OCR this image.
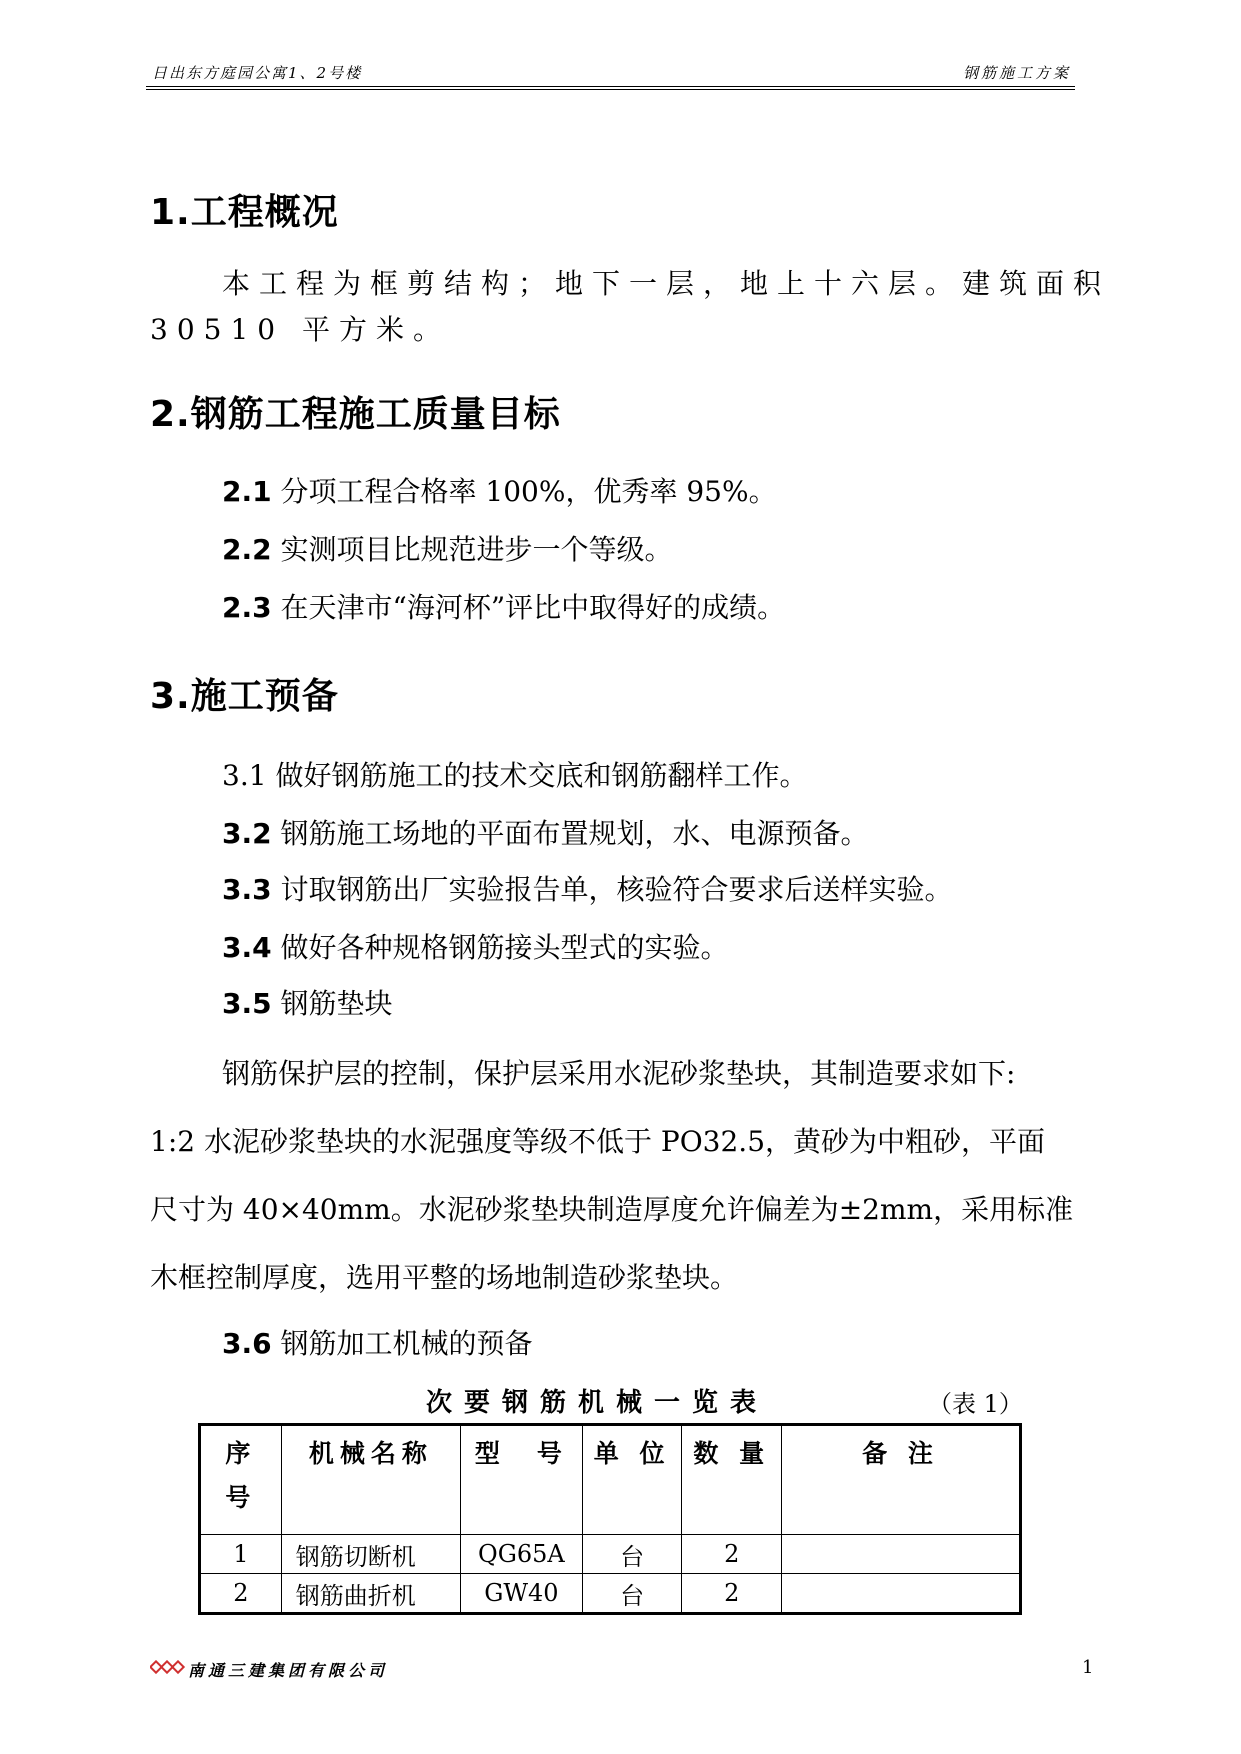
日出东方庭园公寓1、2号楼	钢筋施工方案
1.工程概况

本工程为框剪结构；地下一层，地上十六层。建筑面积

30510 平方米。

2.钢筋工程施工质量目标

2.1 分项工程合格率 100%，优秀率 95%。

2.2 实测项目比规范进步一个等级。

2.3 在天津市“海河杯”评比中取得好的成绩。

3.施工预备

3.1 做好钢筋施工的技术交底和钢筋翻样工作。

3.2 钢筋施工场地的平面布置规划，水、电源预备。

3.3 讨取钢筋出厂实验报告单，核验符合要求后送样实验。

3.4 做好各种规格钢筋接头型式的实验。

3.5 钢筋垫块

钢筋保护层的控制，保护层采用水泥砂浆垫块，其制造要求如下:

1:2 水泥砂浆垫块的水泥强度等级不低于 PO32.5，黄砂为中粗砂，平面

尺寸为 40×40mm。水泥砂浆垫块制造厚度允许偏差为±2mm，采用标准

木框控制厚度，选用平整的场地制造砂浆垫块。

3.6 钢筋加工机械的预备

次要钢筋机械一览表	（表 1）
序
号	机械名称	型　号	单 位	数 量	备 注
1	钢筋切断机	QG65A	台	2	
2	钢筋曲折机	GW40	台	2	
南通三建集团有限公司	1
